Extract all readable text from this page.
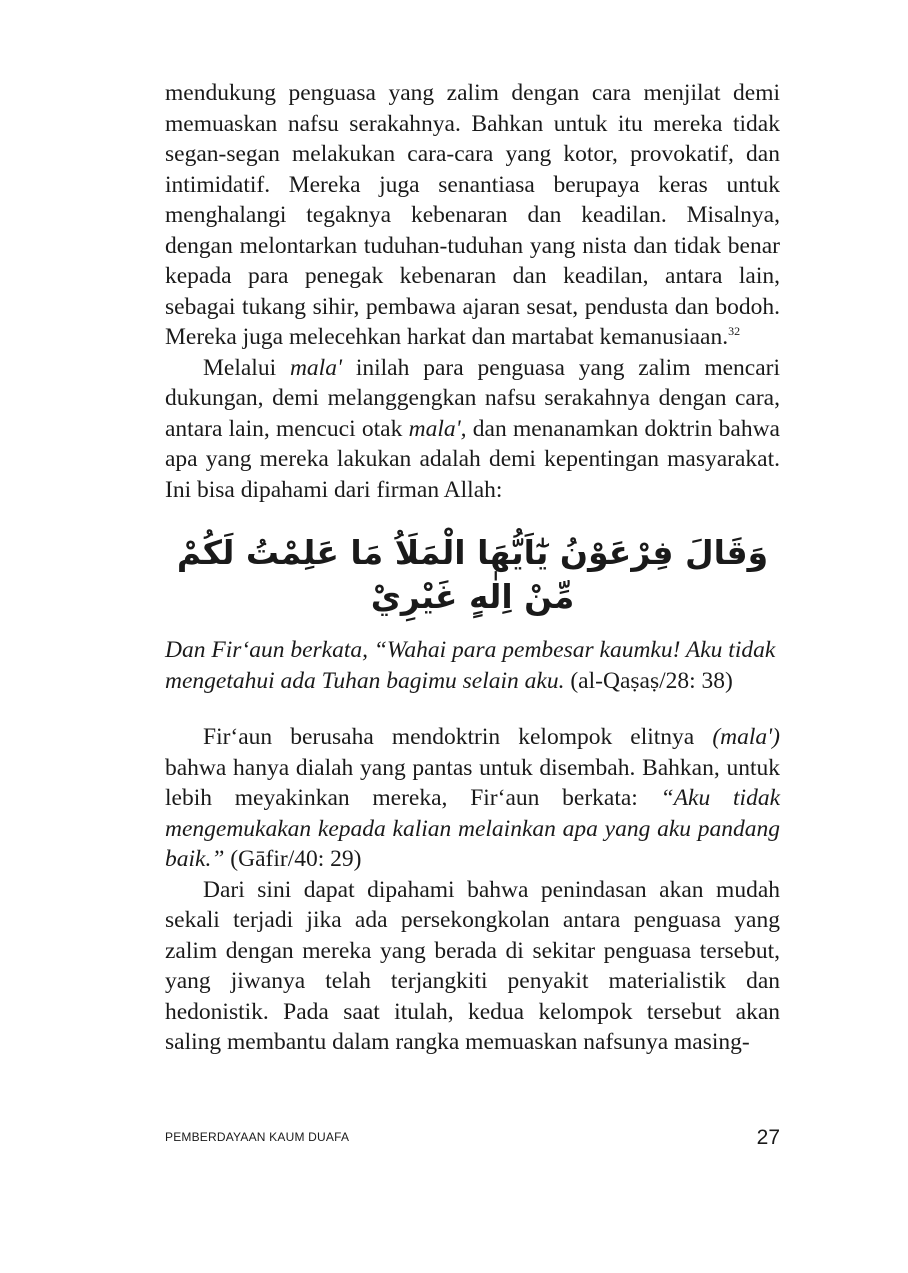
mendukung penguasa yang zalim dengan cara menjilat demi memuaskan nafsu serakahnya. Bahkan untuk itu mereka tidak segan-segan melakukan cara-cara yang kotor, provokatif, dan intimidatif. Mereka juga senantiasa berupaya keras untuk menghalangi tegaknya kebenaran dan keadilan. Misalnya, dengan melontarkan tuduhan-tuduhan yang nista dan tidak benar kepada para penegak kebenaran dan keadilan, antara lain, sebagai tukang sihir, pembawa ajaran sesat, pendusta dan bodoh. Mereka juga melecehkan harkat dan martabat kemanusiaan.$^{32}$

Melalui mala' inilah para penguasa yang zalim mencari dukungan, demi melanggengkan nafsu serakahnya dengan cara, antara lain, mencuci otak mala', dan menanamkan doktrin bahwa apa yang mereka lakukan adalah demi kepentingan masyarakat. Ini bisa dipahami dari firman Allah:

وَقَالَ فِرْعَوْنُ يٰٓاَيُّهَا الْمَلَاُ مَا عَلِمْتُ لَكُمْ مِّنْ اِلٰهٍ غَيْرِيْ

Dan Fir‘aun berkata, “Wahai para pembesar kaumku! Aku tidak mengetahui ada Tuhan bagimu selain aku. (al-Qaṣaṣ/28: 38)

Fir‘aun berusaha mendoktrin kelompok elitnya (mala') bahwa hanya dialah yang pantas untuk disembah. Bahkan, untuk lebih meyakinkan mereka, Fir‘aun berkata: “Aku tidak mengemukakan kepada kalian melainkan apa yang aku pandang baik.” (Gāfir/40: 29)

Dari sini dapat dipahami bahwa penindasan akan mudah sekali terjadi jika ada persekongkolan antara penguasa yang zalim dengan mereka yang berada di sekitar penguasa tersebut, yang jiwanya telah terjangkiti penyakit materialistik dan hedonistik. Pada saat itulah, kedua kelompok tersebut akan saling membantu dalam rangka memuaskan nafsunya masing-

PEMBERDAYAAN KAUM DUAFA	27
